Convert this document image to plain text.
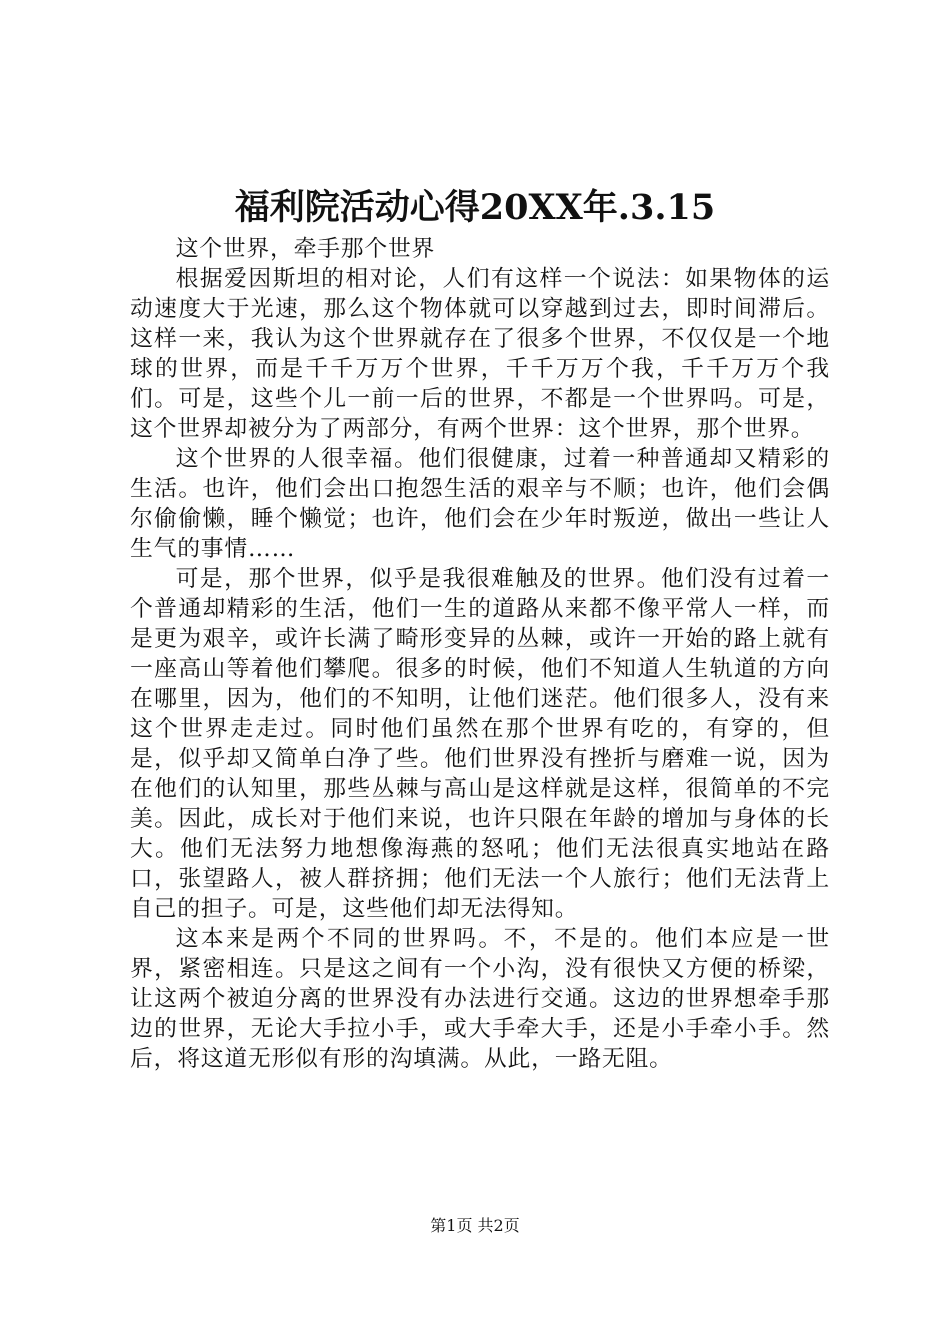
福利院活动心得20XX年.3.15

这个世界，牵手那个世界

根据爱因斯坦的相对论，人们有这样一个说法：如果物体的运动速度大于光速，那么这个物体就可以穿越到过去，即时间滞后。这样一来，我认为这个世界就存在了很多个世界，不仅仅是一个地球的世界，而是千千万万个世界，千千万万个我，千千万万个我们。可是，这些个儿一前一后的世界，不都是一个世界吗。可是，这个世界却被分为了两部分，有两个世界：这个世界，那个世界。

这个世界的人很幸福。他们很健康，过着一种普通却又精彩的生活。也许，他们会出口抱怨生活的艰辛与不顺；也许，他们会偶尔偷偷懒，睡个懒觉；也许，他们会在少年时叛逆，做出一些让人生气的事情……

可是，那个世界，似乎是我很难触及的世界。他们没有过着一个普通却精彩的生活，他们一生的道路从来都不像平常人一样，而是更为艰辛，或许长满了畸形变异的丛棘，或许一开始的路上就有一座高山等着他们攀爬。很多的时候，他们不知道人生轨道的方向在哪里，因为，他们的不知明，让他们迷茫。他们很多人，没有来这个世界走走过。同时他们虽然在那个世界有吃的，有穿的，但是，似乎却又简单白净了些。他们世界没有挫折与磨难一说，因为在他们的认知里，那些丛棘与高山是这样就是这样，很简单的不完美。因此，成长对于他们来说，也许只限在年龄的增加与身体的长大。他们无法努力地想像海燕的怒吼；他们无法很真实地站在路口，张望路人，被人群挤拥；他们无法一个人旅行；他们无法背上自己的担子。可是，这些他们却无法得知。

这本来是两个不同的世界吗。不，不是的。他们本应是一世界，紧密相连。只是这之间有一个小沟，没有很快又方便的桥梁，让这两个被迫分离的世界没有办法进行交通。这边的世界想牵手那边的世界，无论大手拉小手，或大手牵大手，还是小手牵小手。然后，将这道无形似有形的沟填满。从此，一路无阻。

第1页 共2页
